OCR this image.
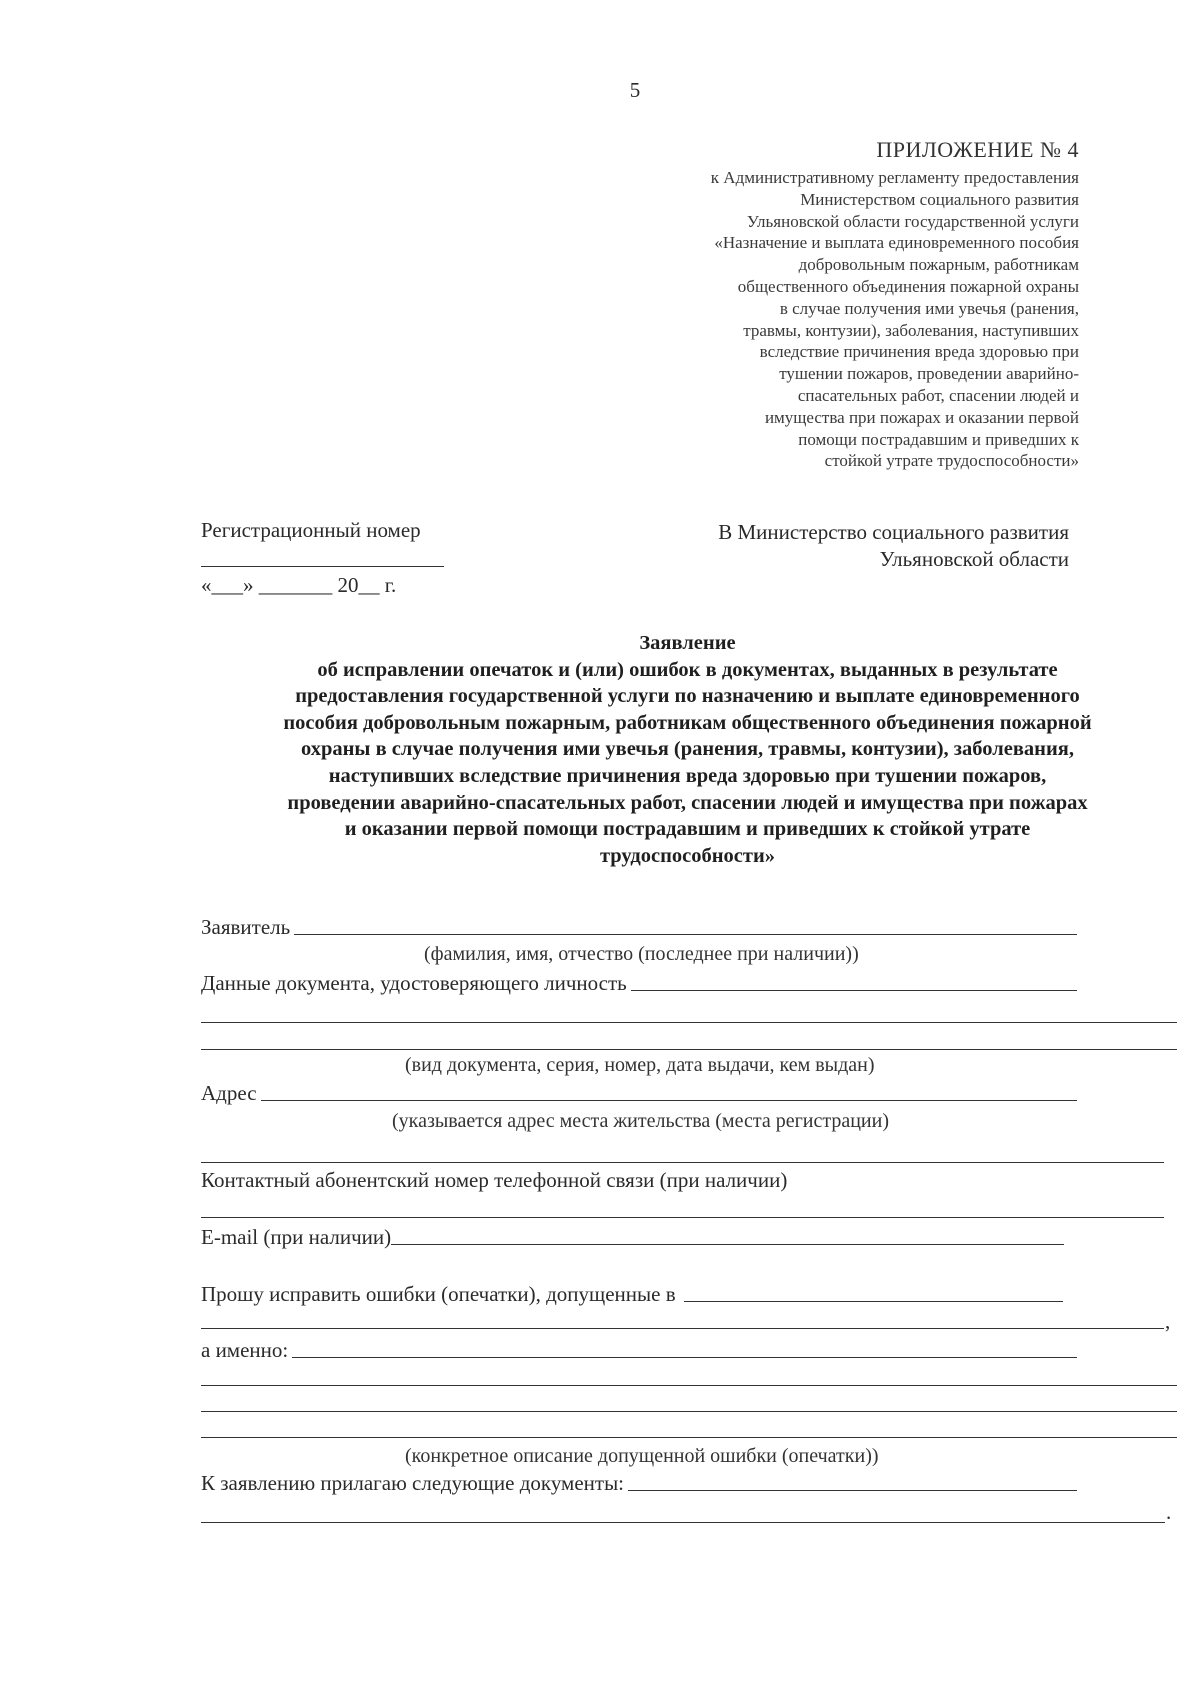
5
ПРИЛОЖЕНИЕ № 4
к Административному регламенту предоставления
Министерством социального развития
Ульяновской области государственной услуги
«Назначение и выплата единовременного пособия
добровольным пожарным, работникам
общественного объединения пожарной охраны
в случае получения ими увечья (ранения,
травмы, контузии), заболевания, наступивших
вследствие причинения вреда здоровью при
тушении пожаров, проведении аварийно-
спасательных работ, спасении людей и
имущества при пожарах и оказании первой
помощи пострадавшим и приведших к
стойкой утрате трудоспособности»
Регистрационный номер
«___» _______ 20__ г.
В Министерство социального развития
Ульяновской области
Заявление
об исправлении опечаток и (или) ошибок в документах, выданных в результате
предоставления государственной услуги по назначению и выплате единовременного
пособия добровольным пожарным, работникам общественного объединения пожарной
охраны в случае получения ими увечья (ранения, травмы, контузии), заболевания,
наступивших вследствие причинения вреда здоровью при тушении пожаров,
проведении аварийно-спасательных работ, спасении людей и имущества при пожарах
и оказании первой помощи пострадавшим и приведших к стойкой утрате
трудоспособности»
Заявитель
(фамилия, имя, отчество (последнее при наличии))
Данные документа, удостоверяющего личность
(вид документа, серия, номер, дата выдачи, кем выдан)
Адрес
(указывается адрес места жительства (места регистрации)
Контактный абонентский номер телефонной связи (при наличии)
E-mail (при наличии)
Прошу исправить ошибки (опечатки), допущенные в
,
а именно:
(конкретное описание допущенной ошибки (опечатки))
К заявлению прилагаю следующие документы:
.
